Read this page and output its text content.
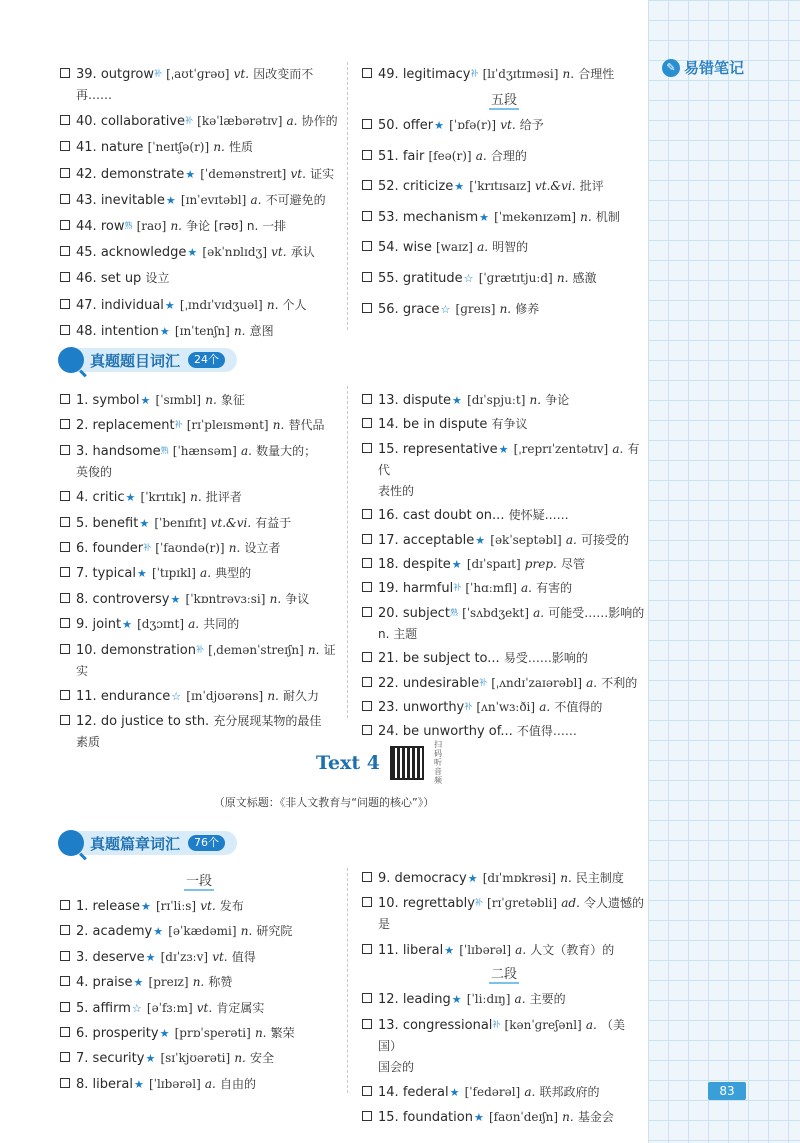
✎ 易错笔记
83
39. outgrow$^补$ [ˌaʊtˈɡrəʊ] vt. 因改变而不再……
40. collaborative$^补$ [kəˈlæbərətɪv] a. 协作的
41. nature [ˈneɪtʃə(r)] n. 性质
42. demonstrate★ [ˈdemənstreɪt] vt. 证实
43. inevitable★ [ɪnˈevɪtəbl] a. 不可避免的
44. row$^熟$ [raʊ] n. 争论 [rəʊ] n. 一排
45. acknowledge★ [əkˈnɒlɪdʒ] vt. 承认
46. set up 设立
47. individual★ [ˌɪndɪˈvɪdʒuəl] n. 个人
48. intention★ [ɪnˈtenʃn] n. 意图
49. legitimacy$^补$ [lɪˈdʒɪtɪməsi] n. 合理性
五段
50. offer★ [ˈɒfə(r)] vt. 给予
51. fair [feə(r)] a. 合理的
52. criticize★ [ˈkrɪtɪsaɪz] vt.&vi. 批评
53. mechanism★ [ˈmekənɪzəm] n. 机制
54. wise [waɪz] a. 明智的
55. gratitude☆ [ˈɡrætɪtjuːd] n. 感激
56. grace☆ [ɡreɪs] n. 修养
真题题目词汇	24个
1. symbol★ [ˈsɪmbl] n. 象征
2. replacement$^补$ [rɪˈpleɪsmənt] n. 替代品
3. handsome$^熟$ [ˈhænsəm] a. 数量大的；
英俊的
4. critic★ [ˈkrɪtɪk] n. 批评者
5. benefit★ [ˈbenɪfɪt] vt.&vi. 有益于
6. founder$^补$ [ˈfaʊndə(r)] n. 设立者
7. typical★ [ˈtɪpɪkl] a. 典型的
8. controversy★ [ˈkɒntrəvɜːsi] n. 争议
9. joint★ [dʒɔɪnt] a. 共同的
10. demonstration$^补$ [ˌdemənˈstreɪʃn] n. 证实
11. endurance☆ [ɪnˈdjʊərəns] n. 耐久力
12. do justice to sth. 充分展现某物的最佳
素质
13. dispute★ [dɪˈspjuːt] n. 争论
14. be in dispute 有争议
15. representative★ [ˌreprɪˈzentətɪv] a. 有代
表性的
16. cast doubt on... 使怀疑……
17. acceptable★ [əkˈseptəbl] a. 可接受的
18. despite★ [dɪˈspaɪt] prep. 尽管
19. harmful$^补$ [ˈhɑːmfl] a. 有害的
20. subject$^熟$ [ˈsʌbdʒekt] a. 可能受……影响的
n. 主题
21. be subject to... 易受……影响的
22. undesirable$^补$ [ˌʌndɪˈzaɪərəbl] a. 不利的
23. unworthy$^补$ [ʌnˈwɜːði] a. 不值得的
24. be unworthy of... 不值得……
Text 4
扫码听音频
（原文标题：《非人文教育与“问题的核心”》）
真题篇章词汇	76个
一段
1. release★ [rɪˈliːs] vt. 发布
2. academy★ [əˈkædəmi] n. 研究院
3. deserve★ [dɪˈzɜːv] vt. 值得
4. praise★ [preɪz] n. 称赞
5. affirm☆ [əˈfɜːm] vt. 肯定属实
6. prosperity★ [prɒˈsperəti] n. 繁荣
7. security★ [sɪˈkjʊərəti] n. 安全
8. liberal★ [ˈlɪbərəl] a. 自由的
9. democracy★ [dɪˈmɒkrəsi] n. 民主制度
10. regrettably$^补$ [rɪˈɡretəbli] ad. 令人遗憾的是
11. liberal★ [ˈlɪbərəl] a. 人文（教育）的
二段
12. leading★ [ˈliːdɪŋ] a. 主要的
13. congressional$^补$ [kənˈɡreʃənl] a. （美国）
国会的
14. federal★ [ˈfedərəl] a. 联邦政府的
15. foundation★ [faʊnˈdeɪʃn] n. 基金会
